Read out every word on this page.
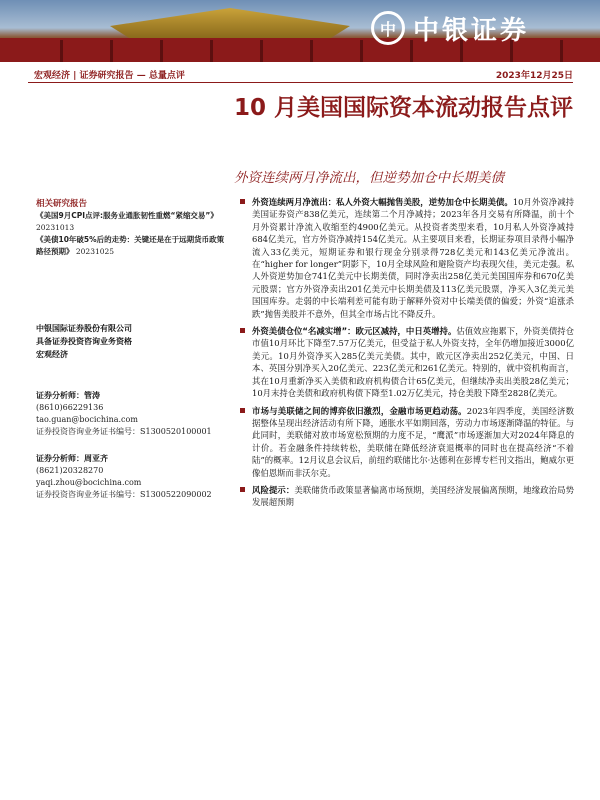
中 中银证券
宏观经济 | 证券研究报告 — 总量点评	2023年12月25日
10 月美国国际资本流动报告点评
外资连续两月净流出，但逆势加仓中长期美债
相关研究报告
《美国9月CPI点评:服务业通胀韧性重燃“紧缩交易”》 20231013
《美债10年破5%后的走势：关键还是在于远期货币政策路径预期》 20231025
中银国际证券股份有限公司
具备证券投资咨询业务资格
宏观经济
证券分析师：管涛
(8610)66229136
tao.guan@bocichina.com
证券投资咨询业务证书编号：S1300520100001
证券分析师：周亚齐
(8621)20328270
yaqi.zhou@bocichina.com
证券投资咨询业务证书编号：S1300522090002
外资连续两月净流出：私人外资大幅抛售美股，逆势加仓中长期美债。10月外资净减持美国证券资产838亿美元，连续第二个月净减持；2023年各月交易有所降温，前十个月外资累计净流入收缩至约4900亿美元。从投资者类型来看，10月私人外资净减持684亿美元，官方外资净减持154亿美元。从主要项目来看，长期证券项目录得小幅净流入33亿美元，短期证券和银行现金分别录得728亿美元和143亿美元净流出。在“higher for longer”阴影下，10月全球风险和避险资产均表现欠佳，美元走强。私人外资逆势加仓741亿美元中长期美债，同时净卖出258亿美元美国国库券和670亿美元股票；官方外资净卖出201亿美元中长期美债及113亿美元股票，净买入3亿美元美国国库券。走弱的中长端利差可能有助于解释外资对中长端美债的偏爱；外资“追涨杀跌”抛售美股并不意外，但其全市场占比不降反升。
外资美债仓位“名减实增”：欧元区减持，中日英增持。估值效应拖累下，外资美债持仓市值10月环比下降至7.57万亿美元，但受益于私人外资支持，全年仍增加接近3000亿美元。10月外资净买入285亿美元美债。其中，欧元区净卖出252亿美元，中国、日本、英国分别净买入20亿美元、223亿美元和261亿美元。特别的，就中资机构而言，其在10月重新净买入美债和政府机构债合计65亿美元，但继续净卖出美股28亿美元；10月末持仓美债和政府机构债下降至1.02万亿美元，持仓美股下降至2828亿美元。
市场与美联储之间的博弈依旧激烈，金融市场更趋动荡。2023年四季度，美国经济数据整体呈现出经济活动有所下降，通胀水平如期回落，劳动力市场逐渐降温的特征。与此同时，美联储对放市场宽松预期的力度不足，“鹰派”市场逐渐加大对2024年降息的计价。若金融条件持续转松，美联储在降低经济衰退概率的同时也在提高经济“不着陆”的概率。12月议息会议后，前纽约联储比尔·达德利在彭博专栏刊文指出，鲍威尔更像伯恩斯而非沃尔克。
风险提示：美联储货币政策显著偏离市场预期，美国经济发展偏离预期，地缘政治局势发展超预期
